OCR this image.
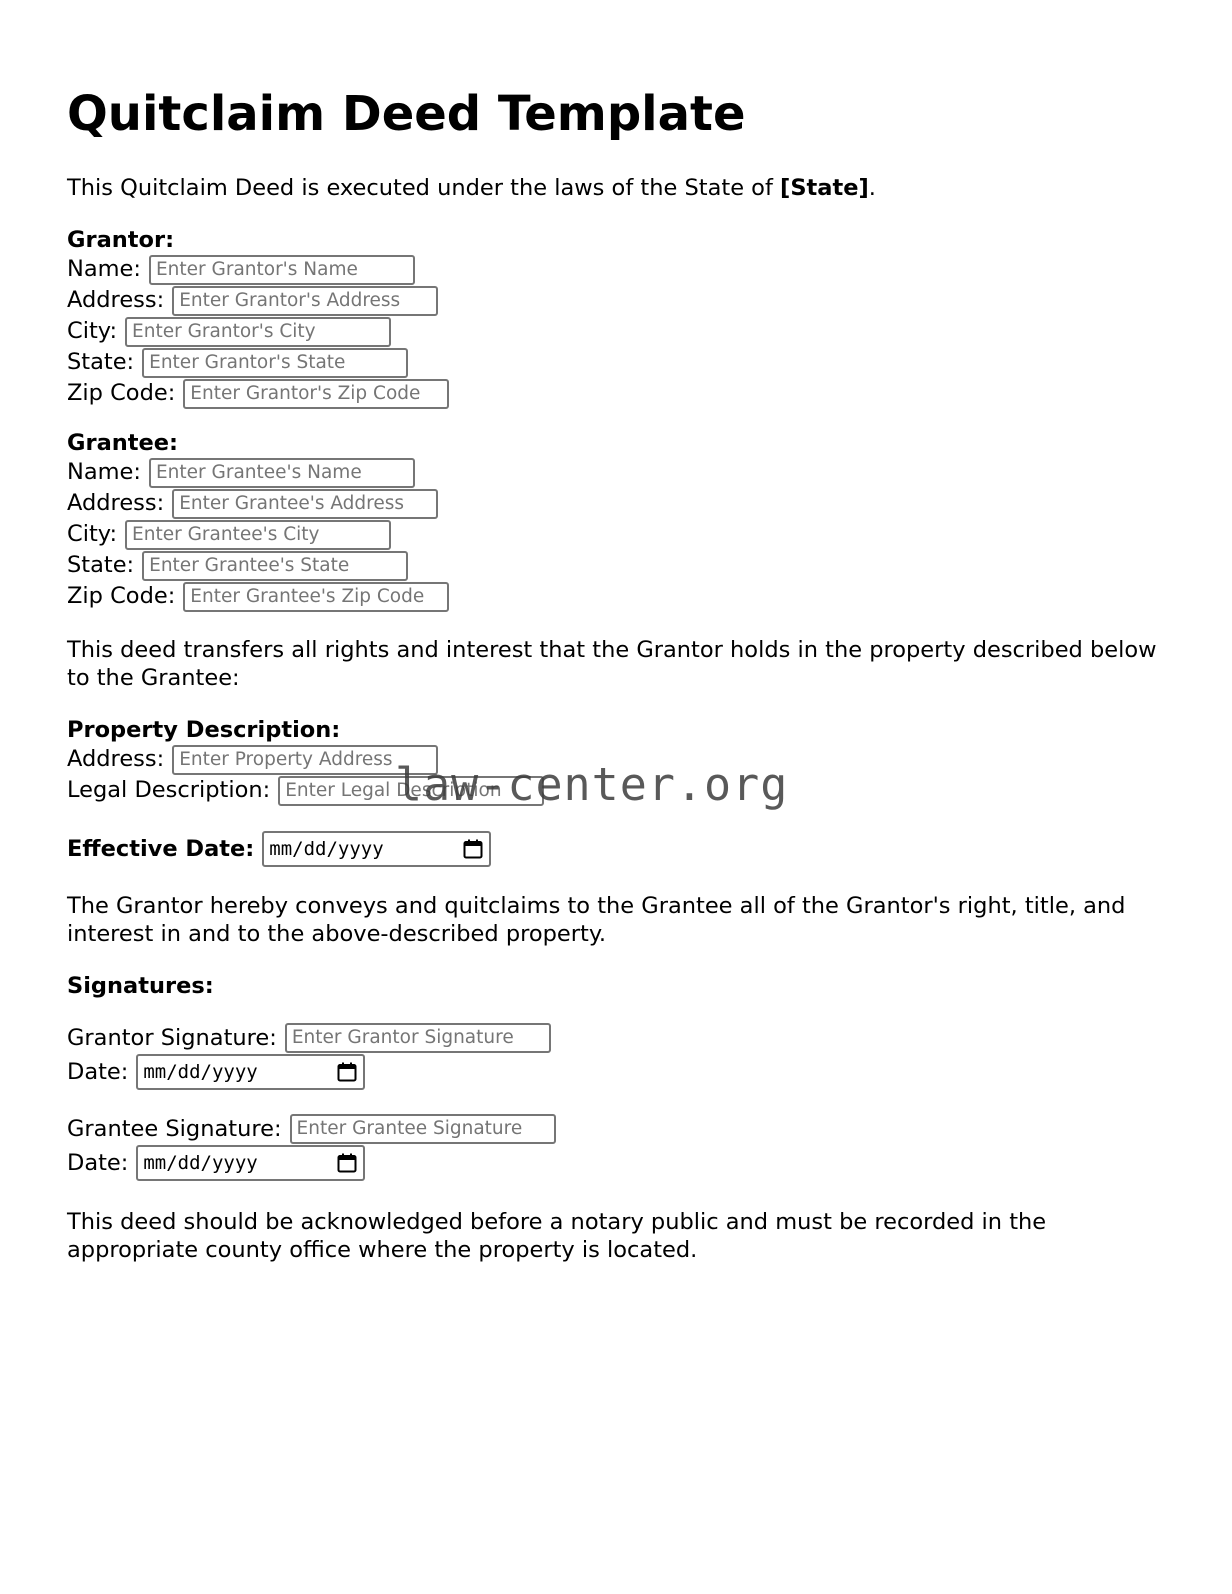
Quitclaim Deed Template

This Quitclaim Deed is executed under the laws of the State of [State].

Grantor:
Name:
Enter Grantor's Name
Address:
Enter Grantor's Address
City:
Enter Grantor's City
State:
Enter Grantor's State
Zip Code:
Enter Grantor's Zip Code
Grantee:
Name:
Enter Grantee's Name
Address:
Enter Grantee's Address
City:
Enter Grantee's City
State:
Enter Grantee's State
Zip Code:
Enter Grantee's Zip Code

This deed transfers all rights and interest that the Grantor holds in the property described below to the Grantee:

Property Description:
Address:
Enter Property Address
Legal Description:
Enter Legal Description
Effective Date: mm/dd/yyyy

The Grantor hereby conveys and quitclaims to the Grantee all of the Grantor's right, title, and interest in and to the above-described property.

Signatures:
Grantor Signature:
Enter Grantor Signature
Date: mm/dd/yyyy
Grantee Signature:
Enter Grantee Signature
Date: mm/dd/yyyy

This deed should be acknowledged before a notary public and must be recorded in the appropriate county office where the property is located.

law-center.org
